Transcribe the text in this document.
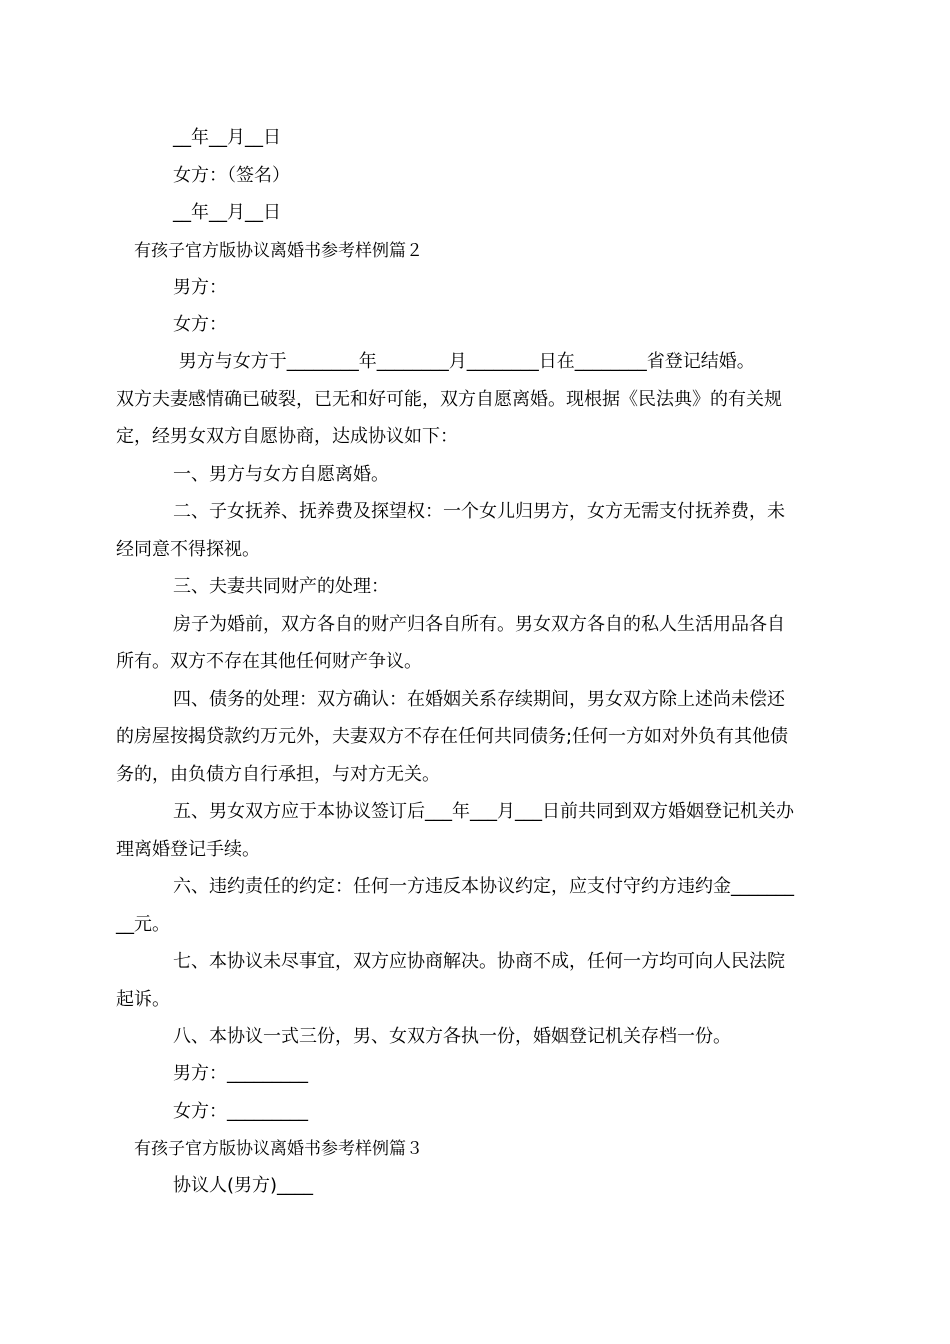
__年__月__日
女方：（签名）
__年__月__日
有孩子官方版协议离婚书参考样例篇２
男方：
女方：
男方与女方于________年________月________日在________省登记结婚。
双方夫妻感情确已破裂，已无和好可能，双方自愿离婚。现根据《民法典》的有关规
定，经男女双方自愿协商，达成协议如下：
一、男方与女方自愿离婚。
二、子女抚养、抚养费及探望权：一个女儿归男方，女方无需支付抚养费，未
经同意不得探视。
三、夫妻共同财产的处理：
房子为婚前，双方各自的财产归各自所有。男女双方各自的私人生活用品各自
所有。双方不存在其他任何财产争议。
四、债务的处理：双方确认：在婚姻关系存续期间，男女双方除上述尚未偿还
的房屋按揭贷款约万元外，夫妻双方不存在任何共同债务;任何一方如对外负有其他债
务的，由负债方自行承担，与对方无关。
五、男女双方应于本协议签订后___年___月___日前共同到双方婚姻登记机关办
理离婚登记手续。
六、违约责任的约定：任何一方违反本协议约定，应支付守约方违约金_______
__元。
七、本协议未尽事宜，双方应协商解决。协商不成，任何一方均可向人民法院
起诉。
八、本协议一式三份，男、女双方各执一份，婚姻登记机关存档一份。
男方：_________
女方：_________
有孩子官方版协议离婚书参考样例篇３
协议人(男方)____
